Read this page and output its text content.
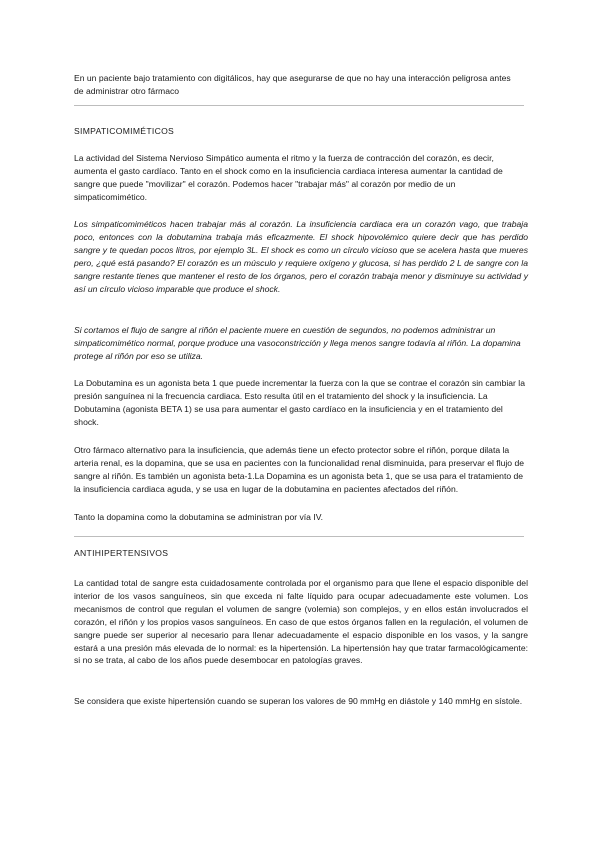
En un paciente bajo tratamiento con digitálicos, hay que asegurarse de que no hay una interacción peligrosa antes de administrar otro fármaco

SIMPATICOMIMÉTICOS

La actividad del Sistema Nervioso Simpático aumenta el ritmo y la fuerza de contracción del corazón, es decir, aumenta el gasto cardíaco. Tanto en el shock como en la insuficiencia cardiaca interesa aumentar la cantidad de sangre que puede "movilizar" el corazón. Podemos hacer "trabajar más" al corazón por medio de un simpaticomimético.

Los simpaticomiméticos hacen trabajar más al corazón. La insuficiencia cardiaca era un corazón vago, que trabaja poco, entonces con la dobutamina trabaja más eficazmente. El shock hipovolémico quiere decir que has perdido sangre y te quedan pocos litros, por ejemplo 3L. El shock es como un círculo vicioso que se acelera hasta que mueres pero, ¿qué está pasando? El corazón es un músculo y requiere oxígeno y glucosa, si has perdido 2 L de sangre con la sangre restante tienes que mantener el resto de los órganos, pero el corazón trabaja menor y disminuye su actividad y así un círculo vicioso imparable que produce el shock.

Si cortamos el flujo de sangre al riñón el paciente muere en cuestión de segundos, no podemos administrar un simpaticomimético normal, porque produce una vasoconstricción y llega menos sangre todavía al riñón. La dopamina protege al riñón por eso se utiliza.

La Dobutamina es un agonista beta 1 que puede incrementar la fuerza con la que se contrae el corazón sin cambiar la presión sanguínea ni la frecuencia cardiaca. Esto resulta útil en el tratamiento del shock y la insuficiencia. La Dobutamina (agonista BETA 1) se usa para aumentar el gasto cardíaco en la insuficiencia y en el tratamiento del shock.

Otro fármaco alternativo para la insuficiencia, que además tiene un efecto protector sobre el riñón, porque dilata la arteria renal, es la dopamina, que se usa en pacientes con la funcionalidad renal disminuida, para preservar el flujo de sangre al riñón. Es también un agonista beta-1.La Dopamina es un agonista beta 1, que se usa para el tratamiento de la insuficiencia cardiaca aguda, y se usa en lugar de la dobutamina en pacientes afectados del riñón.

Tanto la dopamina como la dobutamina se administran por vía IV.

ANTIHIPERTENSIVOS

La cantidad total de sangre esta cuidadosamente controlada por el organismo para que llene el espacio disponible del interior de los vasos sanguíneos, sin que exceda ni falte líquido para ocupar adecuadamente este volumen. Los mecanismos de control que regulan el volumen de sangre (volemia) son complejos, y en ellos están involucrados el corazón, el riñón y los propios vasos sanguíneos. En caso de que estos órganos fallen en la regulación, el volumen de sangre puede ser superior al necesario para llenar adecuadamente el espacio disponible en los vasos, y la sangre estará a una presión más elevada de lo normal: es la hipertensión. La hipertensión hay que tratar farmacológicamente: si no se trata, al cabo de los años puede desembocar en patologías graves.

Se considera que existe hipertensión cuando se superan los valores de 90 mmHg en diástole y 140 mmHg en sístole.
